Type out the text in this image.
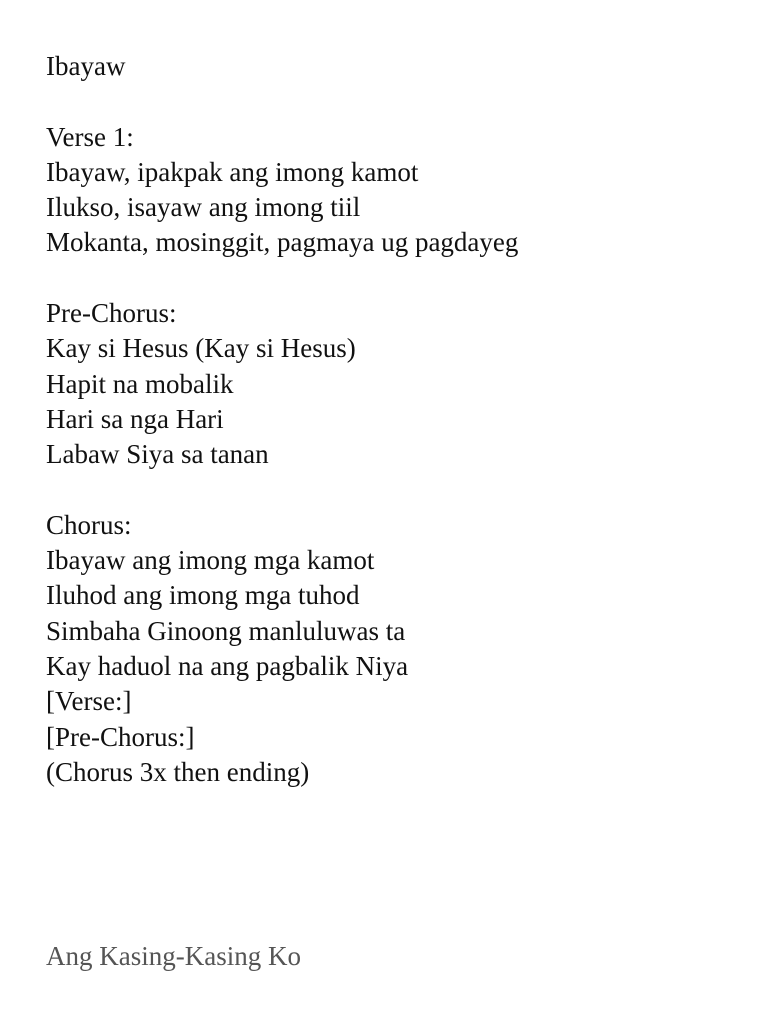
Ibayaw
Verse 1:
Ibayaw, ipakpak ang imong kamot
Ilukso, isayaw ang imong tiil
Mokanta, mosinggit, pagmaya ug pagdayeg
Pre-Chorus:
Kay si Hesus (Kay si Hesus)
Hapit na mobalik
Hari sa nga Hari
Labaw Siya sa tanan
Chorus:
Ibayaw ang imong mga kamot
Iluhod ang imong mga tuhod
Simbaha Ginoong manluluwas ta
Kay haduol na ang pagbalik Niya
[Verse:]
[Pre-Chorus:]
(Chorus 3x then ending)
Ang Kasing-Kasing Ko
